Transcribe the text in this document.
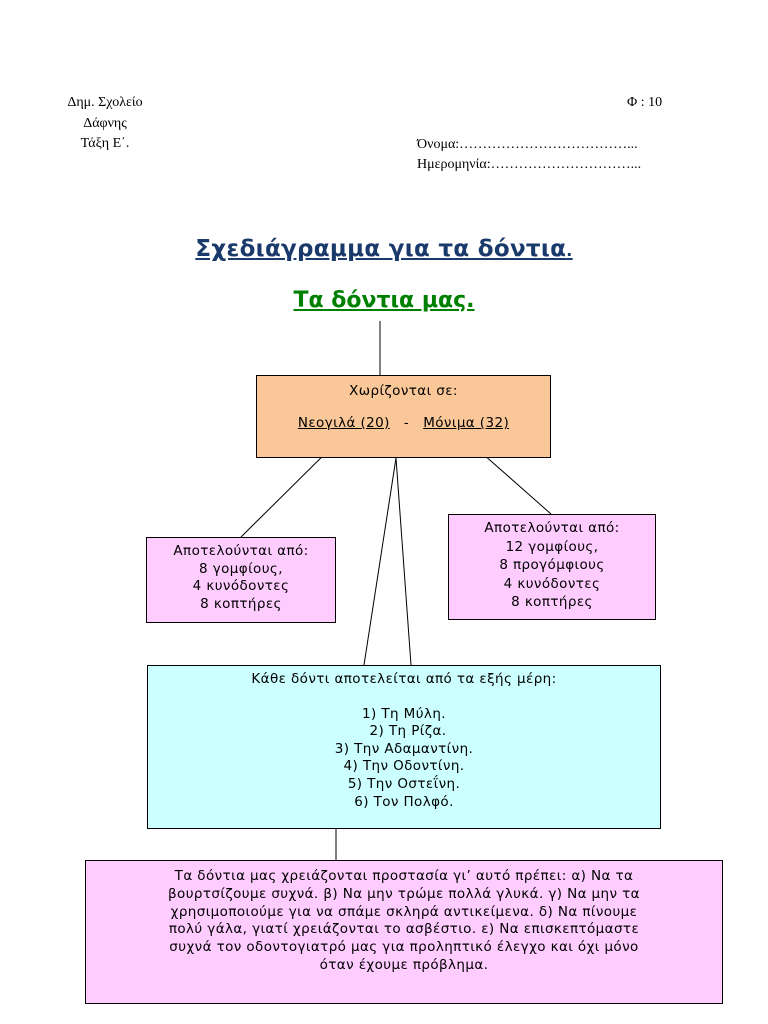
Δημ. Σχολείο
Δάφνης
Τάξη Ε΄.
Φ : 10
Όνομα:………………………………...
Ημερομηνία:…………………………...
Σχεδιάγραμμα για τα δόντια.
Τα δόντια μας.
Χωρίζονται σε:
Νεογιλά (20) - Μόνιμα (32)
Αποτελούνται από:
8 γομφίους,
4 κυνόδοντες
8 κοπτήρες
Αποτελούνται από:
12 γομφίους,
8 προγόμφιους
4 κυνόδοντες
8 κοπτήρες
Κάθε δόντι αποτελείται από τα εξής μέρη:
1) Τη Μύλη.
2) Τη Ρίζα.
3) Την Αδαμαντίνη.
4) Την Οδοντίνη.
5) Την Οστεΐνη.
6) Τον Πολφό.
Τα δόντια μας χρειάζονται προστασία γι’ αυτό πρέπει: α) Να τα
βουρτσίζουμε συχνά. β) Να μην τρώμε πολλά γλυκά. γ) Να μην τα
χρησιμοποιούμε για να σπάμε σκληρά αντικείμενα. δ) Να πίνουμε
πολύ γάλα, γιατί χρειάζονται το ασβέστιο. ε) Να επισκεπτόμαστε
συχνά τον οδοντογιατρό μας για προληπτικό έλεγχο και όχι μόνο
όταν έχουμε πρόβλημα.
